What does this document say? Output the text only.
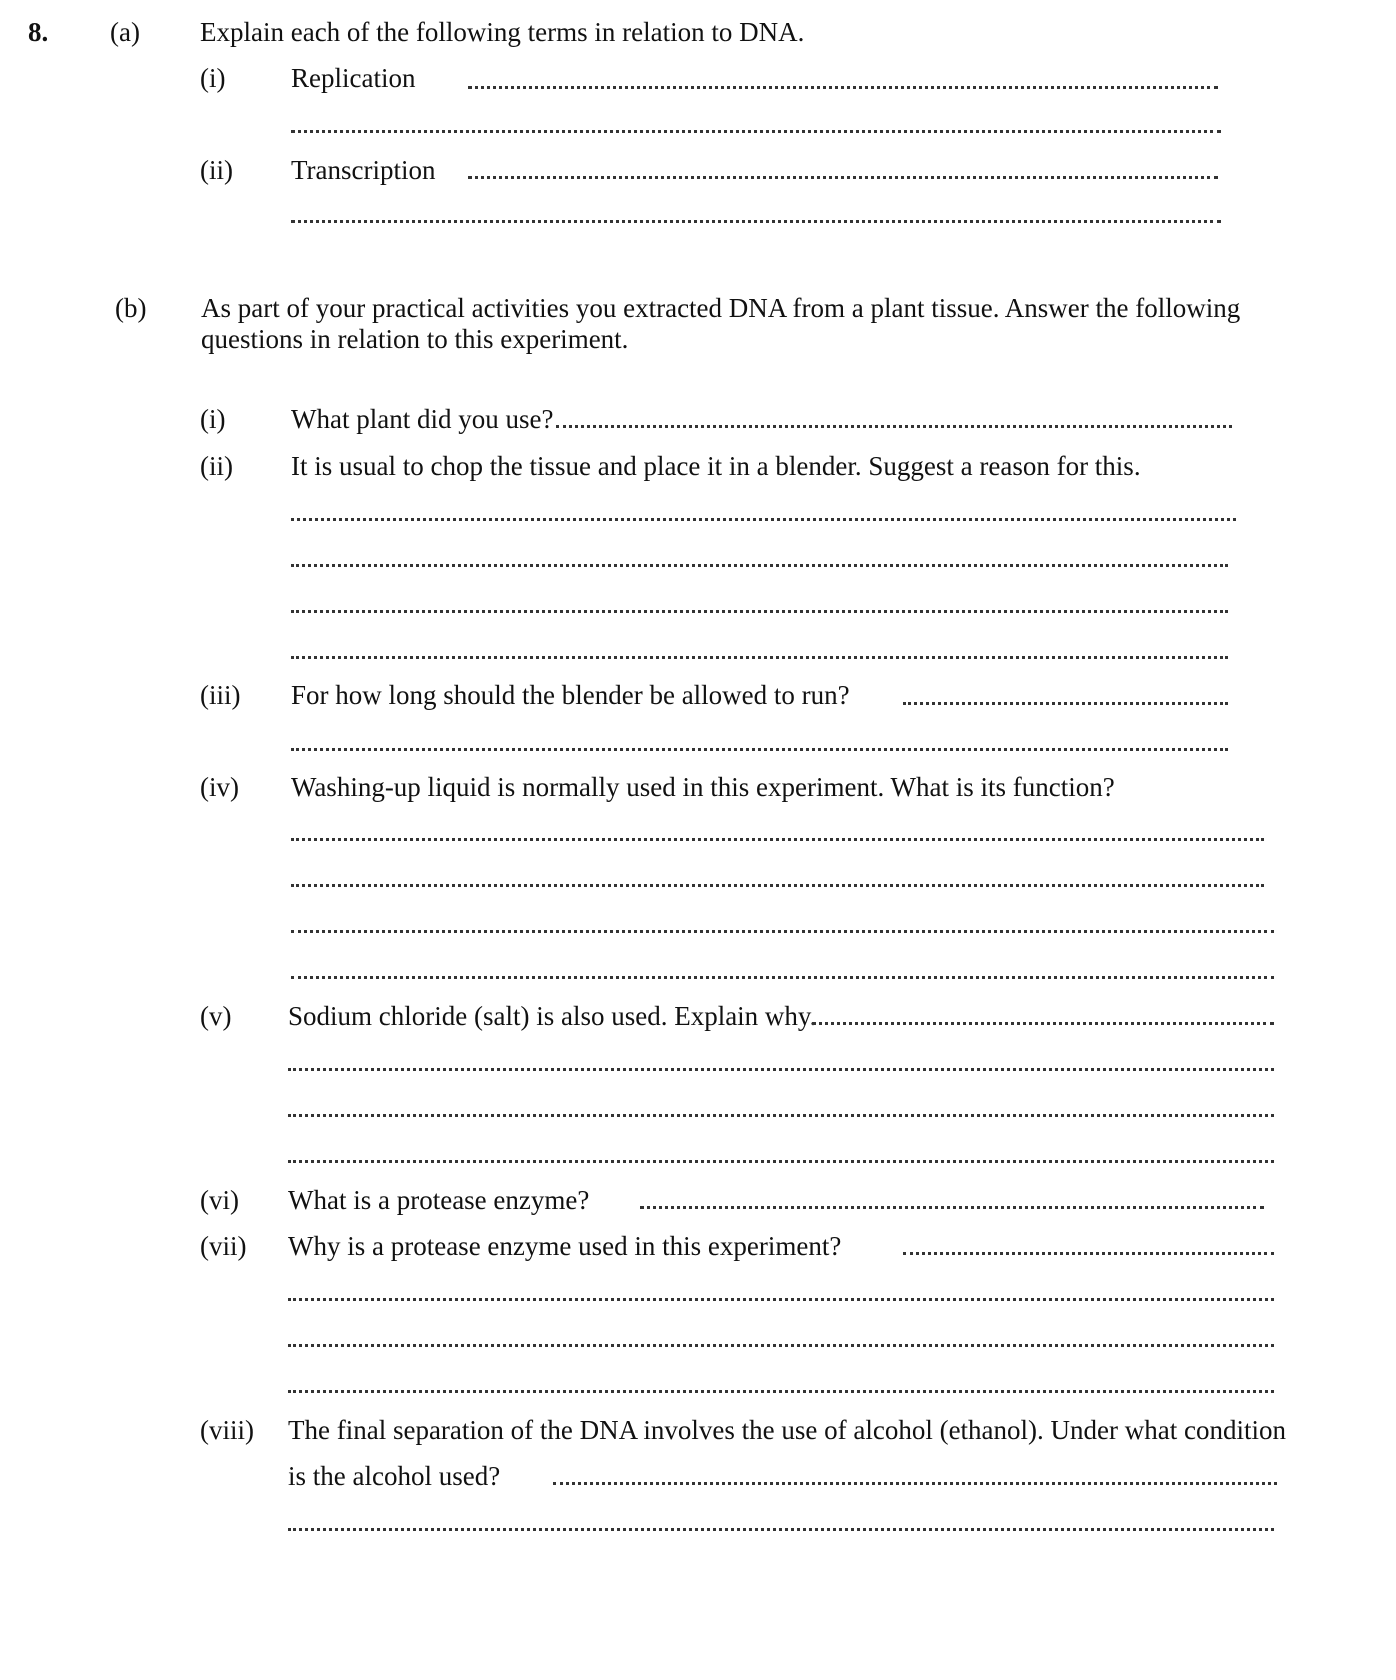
8. (a) Explain each of the following terms in relation to DNA.
(i) Replication
(ii) Transcription
(b) As part of your practical activities you extracted DNA from a plant tissue. Answer the following
questions in relation to this experiment.
(i) What plant did you use?
(ii) It is usual to chop the tissue and place it in a blender. Suggest a reason for this.
(iii) For how long should the blender be allowed to run?
(iv) Washing-up liquid is normally used in this experiment. What is its function?
(v) Sodium chloride (salt) is also used. Explain why.
(vi) What is a protease enzyme?
(vii) Why is a protease enzyme used in this experiment?
(viii) The final separation of the DNA involves the use of alcohol (ethanol). Under what condition
is the alcohol used?
